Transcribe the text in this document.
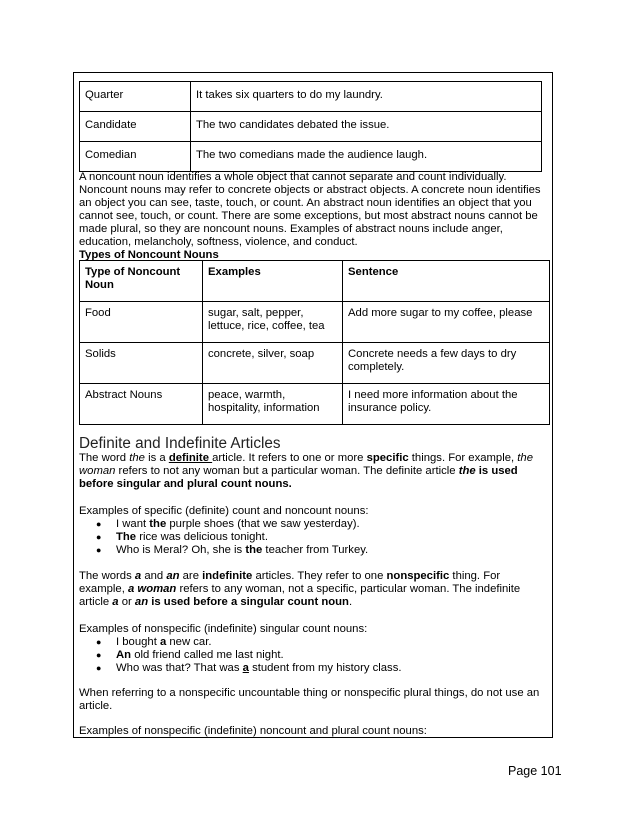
Quarter	It takes six quarters to do my laundry.

Candidate	The two candidates debated the issue.

Comedian	The two comedians made the audience laugh.
A noncount noun identifies a whole object that cannot separate and count individually. Noncount nouns may refer to concrete objects or abstract objects. A concrete noun identifies an object you can see, taste, touch, or count. An abstract noun identifies an object that you cannot see, touch, or count. There are some exceptions, but most abstract nouns cannot be made plural, so they are noncount nouns. Examples of abstract nouns include anger, education, melancholy, softness, violence, and conduct.
Types of Noncount Nouns
Type of Noncount Noun	Examples	Sentence

Food	sugar, salt, pepper, lettuce, rice, coffee, tea	Add more sugar to my coffee, please

Solids	concrete, silver, soap	Concrete needs a few days to dry completely.

Abstract Nouns	peace, warmth, hospitality, information	I need more information about the insurance policy.
Definite and Indefinite Articles
The word the is a definite article. It refers to one or more specific things. For example, the woman refers to not any woman but a particular woman. The definite article the is used before singular and plural count nouns.
Examples of specific (definite) count and noncount nouns:
● I want the purple shoes (that we saw yesterday).
● The rice was delicious tonight.
● Who is Meral? Oh, she is the teacher from Turkey.
The words a and an are indefinite articles. They refer to one nonspecific thing. For example, a woman refers to any woman, not a specific, particular woman. The indefinite article a or an is used before a singular count noun.
Examples of nonspecific (indefinite) singular count nouns:
● I bought a new car.
● An old friend called me last night.
● Who was that? That was a student from my history class.
When referring to a nonspecific uncountable thing or nonspecific plural things, do not use an article.
Examples of nonspecific (indefinite) noncount and plural count nouns:
Page 101
